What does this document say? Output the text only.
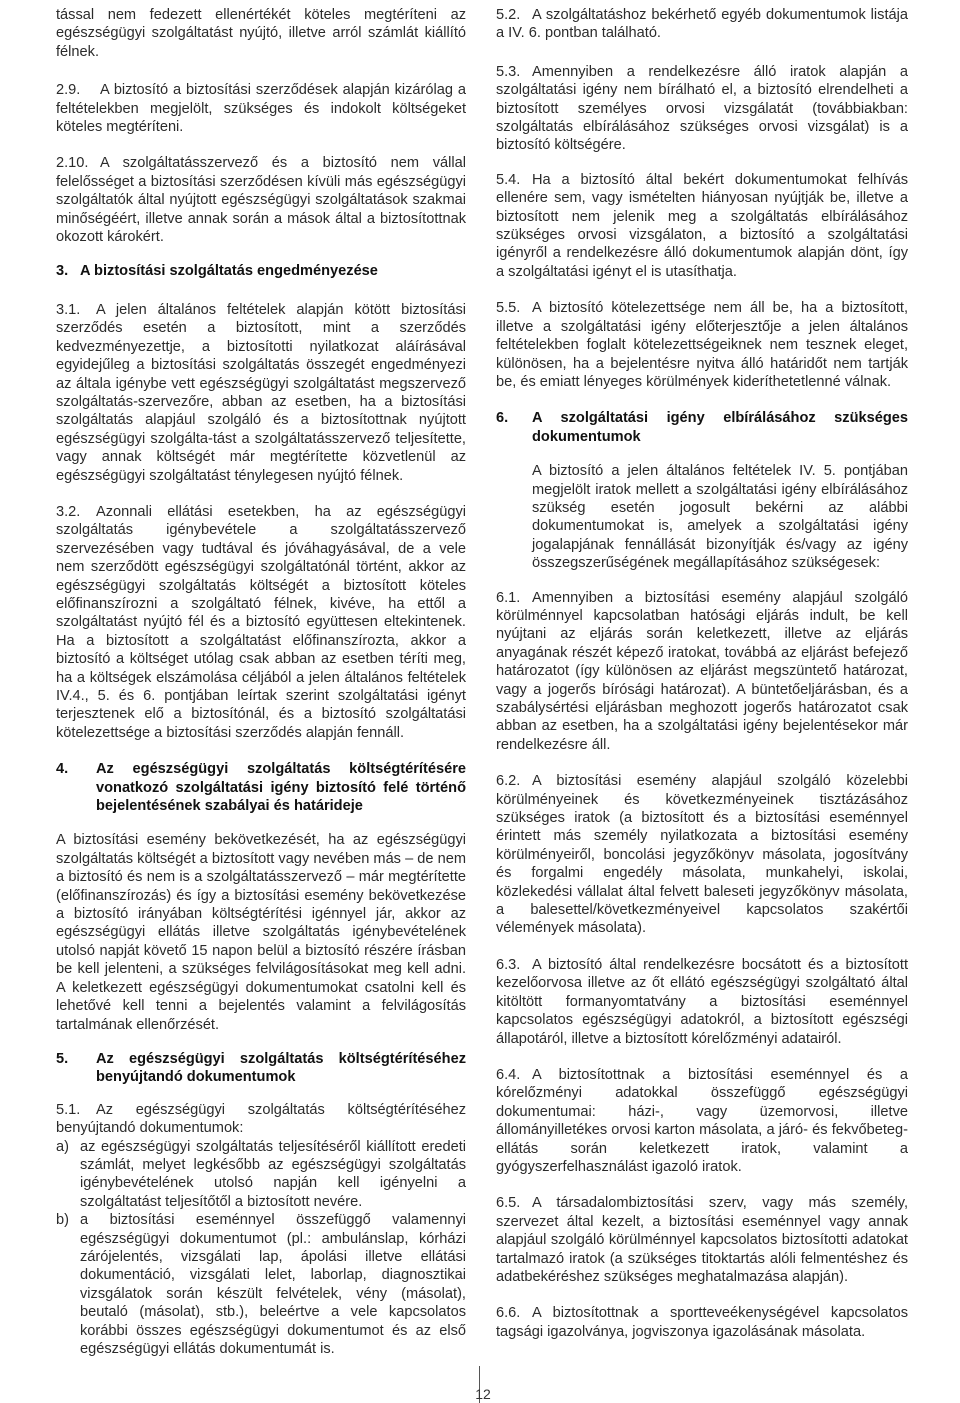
tással nem fedezett ellenértékét köteles megtéríteni az egészségügyi szolgáltatást nyújtó, illetve arról számlát kiállító félnek.
2.9. A biztosító a biztosítási szerződések alapján kizárólag a feltételekben megjelölt, szükséges és indokolt költségeket köteles megtéríteni.
2.10. A szolgáltatásszervező és a biztosító nem vállal felelősséget a biztosítási szerződésen kívüli más egészségügyi szolgáltatók által nyújtott egészségügyi szolgáltatások szakmai minőségéért, illetve annak során a mások által a biztosítottnak okozott károkért.
3. A biztosítási szolgáltatás engedményezése
3.1. A jelen általános feltételek alapján kötött biztosítási szerződés esetén a biztosított, mint a szerződés kedvezményezettje, a biztosítotti nyilatkozat aláírásával egyidejűleg a biztosítási szolgáltatás összegét engedményezi az általa igénybe vett egészségügyi szolgáltatást megszervező szolgáltatás-szervezőre, abban az esetben, ha a biztosítási szolgáltatás alapjául szolgáló és a biztosítottnak nyújtott egészségügyi szolgálta-tást a szolgáltatásszervező teljesítette, vagy annak költségét már megtérítette közvetlenül az egészségügyi szolgáltatást ténylegesen nyújtó félnek.
3.2. Azonnali ellátási esetekben, ha az egészségügyi szolgáltatás igénybevétele a szolgáltatásszervező szervezésében vagy tudtával és jóváhagyásával, de a vele nem szerződött egészségügyi szolgáltatónál történt, akkor az egészségügyi szolgáltatás költségét a biztosított köteles előfinanszírozni a szolgáltató félnek, kivéve, ha ettől a szolgáltatást nyújtó fél és a biztosító együttesen eltekintenek. Ha a biztosított a szolgáltatást előfinanszírozta, akkor a biztosító a költséget utólag csak abban az esetben téríti meg, ha a költségek elszámolása céljából a jelen általános feltételek IV.4., 5. és 6. pontjában leírtak szerint szolgáltatási igényt terjesztenek elő a biztosítónál, és a biztosító szolgáltatási kötelezettsége a biztosítási szerződés alapján fennáll.
4. Az egészségügyi szolgáltatás költségtérítésére vonatkozó szolgáltatási igény biztosító felé történő bejelentésének szabályai és határideje
A biztosítási esemény bekövetkezését, ha az egészségügyi szolgáltatás költségét a biztosított vagy nevében más – de nem a biztosító és nem is a szolgáltatásszervező – már megtérítette (előfinanszírozás) és így a biztosítási esemény bekövetkezése a biztosító irányában költségtérítési igénnyel jár, akkor az egészségügyi ellátás illetve szolgáltatás igénybevételének utolsó napját követő 15 napon belül a biztosító részére írásban be kell jelenteni, a szükséges felvilágosításokat meg kell adni. A keletkezett egészségügyi dokumentumokat csatolni kell és lehetővé kell tenni a bejelentés valamint a felvilágosítás tartalmának ellenőrzését.
5. Az egészségügyi szolgáltatás költségtérítéséhez benyújtandó dokumentumok
5.1. Az egészségügyi szolgáltatás költségtérítéséhez benyújtandó dokumentumok:
a) az egészségügyi szolgáltatás teljesítéséről kiállított eredeti számlát, melyet legkésőbb az egészségügyi szolgáltatás igénybevételének utolsó napján kell igényelni a szolgáltatást teljesítőtől a biztosított nevére.
b) a biztosítási eseménnyel összefüggő valamennyi egészségügyi dokumentumot (pl.: ambulánslap, kórházi zárójelentés, vizsgálati lap, ápolási illetve ellátási dokumentáció, vizsgálati lelet, laborlap, diagnosztikai vizsgálatok során készült felvételek, vény (másolat), beutaló (másolat), stb.), beleértve a vele kapcsolatos korábbi összes egészségügyi dokumentumot és az első egészségügyi ellátás dokumentumát is.
5.2. A szolgáltatáshoz bekérhető egyéb dokumentumok listája a IV. 6. pontban található.
5.3. Amennyiben a rendelkezésre álló iratok alapján a szolgáltatási igény nem bírálható el, a biztosító elrendelheti a biztosított személyes orvosi vizsgálatát (továbbiakban: szolgáltatás elbírálásához szükséges orvosi vizsgálat) is a biztosító költségére.
5.4. Ha a biztosító által bekért dokumentumokat felhívás ellenére sem, vagy ismételten hiányosan nyújtják be, illetve a biztosított nem jelenik meg a szolgáltatás elbírálásához szükséges orvosi vizsgálaton, a biztosító a szolgáltatási igényről a rendelkezésre álló dokumentumok alapján dönt, így a szolgáltatási igényt el is utasíthatja.
5.5. A biztosító kötelezettsége nem áll be, ha a biztosított, illetve a szolgáltatási igény előterjesztője a jelen általános feltételekben foglalt kötelezettségeiknek nem tesznek eleget, különösen, ha a bejelentésre nyitva álló határidőt nem tartják be, és emiatt lényeges körülmények kideríthetetlenné válnak.
6. A szolgáltatási igény elbírálásához szükséges dokumentumok
A biztosító a jelen általános feltételek IV. 5. pontjában megjelölt iratok mellett a szolgáltatási igény elbírálásához szükség esetén jogosult bekérni az alábbi dokumentumokat is, amelyek a szolgáltatási igény jogalapjának fennállását bizonyítják és/vagy az igény összegszerűségének megállapításához szükségesek:
6.1. Amennyiben a biztosítási esemény alapjául szolgáló körülménnyel kapcsolatban hatósági eljárás indult, be kell nyújtani az eljárás során keletkezett, illetve az eljárás anyagának részét képező iratokat, továbbá az eljárást befejező határozatot (így különösen az eljárást megszüntető határozat, vagy a jogerős bírósági határozat). A büntetőeljárásban, és a szabálysértési eljárásban meghozott jogerős határozatot csak abban az esetben, ha a szolgáltatási igény bejelentésekor már rendelkezésre áll.
6.2. A biztosítási esemény alapjául szolgáló közelebbi körülményeinek és következményeinek tisztázásához szükséges iratok (a biztosított és a biztosítási eseménnyel érintett más személy nyilatkozata a biztosítási esemény körülményeiről, boncolási jegyzőkönyv másolata, jogosítvány és forgalmi engedély másolata, munkahelyi, iskolai, közlekedési vállalat által felvett baleseti jegyzőkönyv másolata, a balesettel/következményeivel kapcsolatos szakértői vélemények másolata).
6.3. A biztosító által rendelkezésre bocsátott és a biztosított kezelőorvosa illetve az őt ellátó egészségügyi szolgáltató által kitöltött formanyomtatvány a biztosítási eseménnyel kapcsolatos egészségügyi adatokról, a biztosított egészségi állapotáról, illetve a biztosított kórelőzményi adatairól.
6.4. A biztosítottnak a biztosítási eseménnyel és a kórelőzményi adatokkal összefüggő egészségügyi dokumentumai: házi-, vagy üzemorvosi, illetve állományilletékes orvosi karton másolata, a járó- és fekvőbeteg-ellátás során keletkezett iratok, valamint a gyógyszerfelhasználást igazoló iratok.
6.5. A társadalombiztosítási szerv, vagy más személy, szervezet által kezelt, a biztosítási eseménnyel vagy annak alapjául szolgáló körülménnyel kapcsolatos biztosítotti adatokat tartalmazó iratok (a szükséges titoktartás alóli felmentéshez és adatbekéréshez szükséges meghatalmazása alapján).
6.6. A biztosítottnak a sportteveékenységével kapcsolatos tagsági igazolványa, jogviszonya igazolásának másolata.
12
